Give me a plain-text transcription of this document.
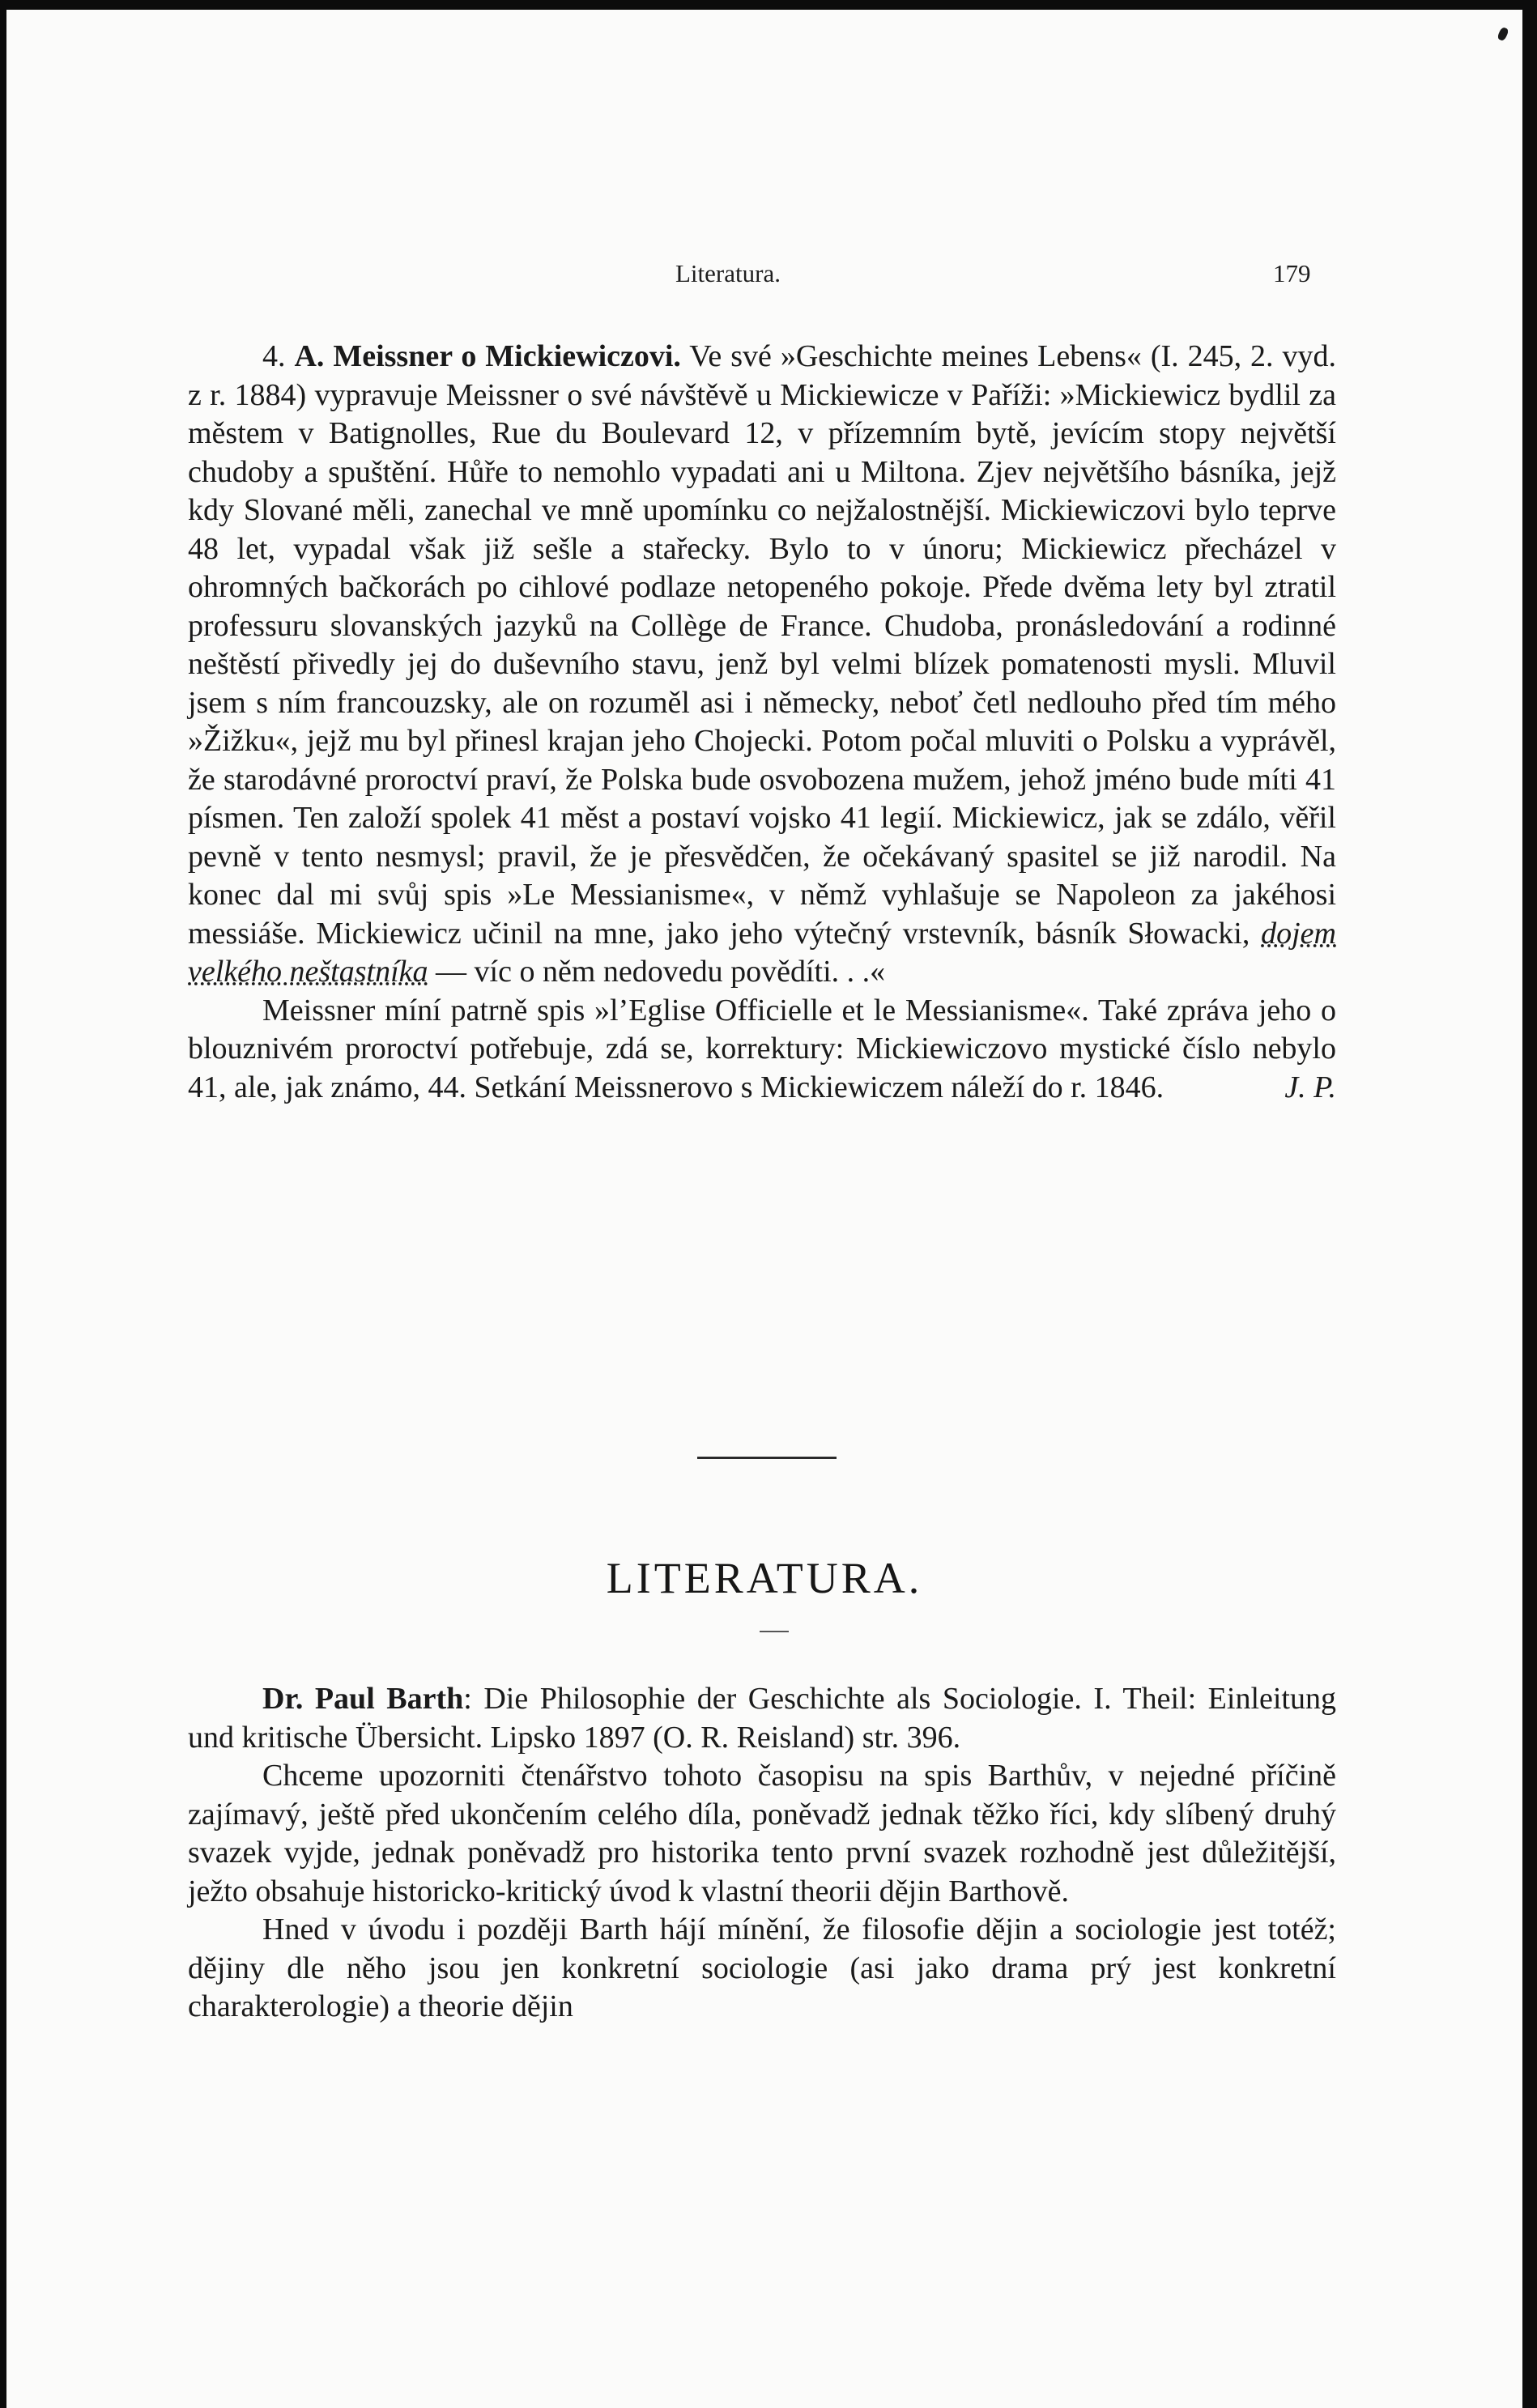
Literatura.	179

4. A. Meissner o Mickiewiczovi. Ve své »Geschichte meines Lebens« (I. 245, 2. vyd. z r. 1884) vypravuje Meissner o své návštěvě u Mickiewicze v Paříži: »Mickiewicz bydlil za městem v Batignolles, Rue du Boulevard 12, v přízemním bytě, jevícím stopy největší chudoby a spuštění. Hůře to nemohlo vypadati ani u Miltona. Zjev největšího básníka, jejž kdy Slované měli, zanechal ve mně upomínku co nejžalostnější. Mickiewiczovi bylo teprve 48 let, vypadal však již sešle a stařecky. Bylo to v únoru; Mickiewicz přecházel v ohromných bačkorách po cihlové podlaze netopeného pokoje. Přede dvěma lety byl ztratil professuru slovanských jazyků na Collège de France. Chudoba, pronásledování a rodinné neštěstí přivedly jej do duševního stavu, jenž byl velmi blízek pomatenosti mysli. Mluvil jsem s ním francouzsky, ale on rozuměl asi i německy, neboť četl nedlouho před tím mého »Žižku«, jejž mu byl přinesl krajan jeho Chojecki. Potom počal mluviti o Polsku a vyprávěl, že starodávné proroctví praví, že Polska bude osvobozena mužem, jehož jméno bude míti 41 písmen. Ten založí spolek 41 měst a postaví vojsko 41 legií. Mickiewicz, jak se zdálo, věřil pevně v tento nesmysl; pravil, že je přesvědčen, že očekávaný spasitel se již narodil. Na konec dal mi svůj spis »Le Messianisme«, v němž vyhlašuje se Napoleon za jakéhosi messiáše. Mickiewicz učinil na mne, jako jeho výtečný vrstevník, básník Słowacki, dojem velkého neštastníka — víc o něm nedovedu povědíti. . .«

Meissner míní patrně spis »l’Eglise Officielle et le Messianisme«. Také zpráva jeho o blouznivém proroctví potřebuje, zdá se, korrektury: Mickiewiczovo mystické číslo nebylo 41, ale, jak známo, 44. Setkání Meissnerovo s Mickiewiczem náleží do r. 1846.	J. P.

LITERATURA.

Dr. Paul Barth: Die Philosophie der Geschichte als Sociologie. I. Theil: Einleitung und kritische Übersicht. Lipsko 1897 (O. R. Reisland) str. 396.

Chceme upozorniti čtenářstvo tohoto časopisu na spis Barthův, v nejedné příčině zajímavý, ještě před ukončením celého díla, poněvadž jednak těžko říci, kdy slíbený druhý svazek vyjde, jednak poněvadž pro historika tento první svazek rozhodně jest důležitější, ježto obsahuje historicko-kritický úvod k vlastní theorii dějin Barthově.

Hned v úvodu i později Barth hájí mínění, že filosofie dějin a sociologie jest totéž; dějiny dle něho jsou jen konkretní sociologie (asi jako drama prý jest konkretní charakterologie) a theorie dějin
